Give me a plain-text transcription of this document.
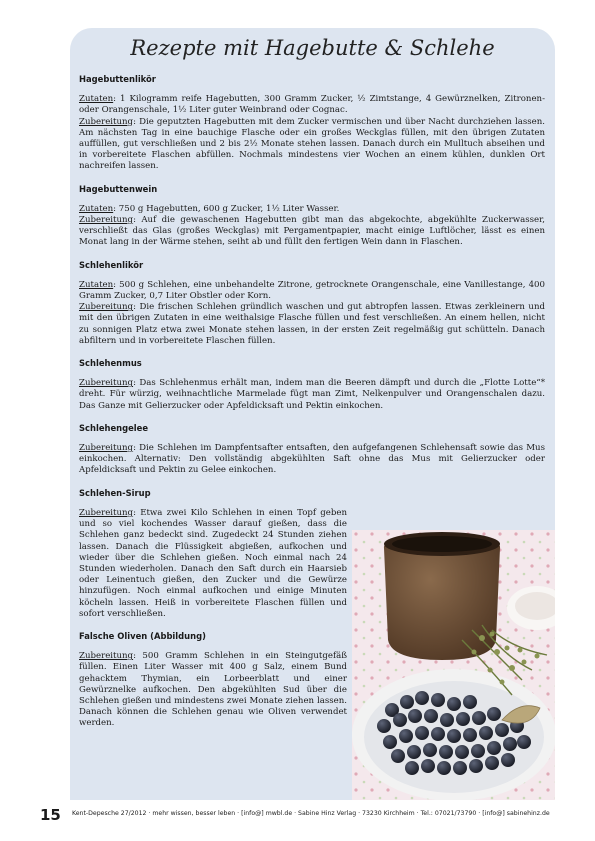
Rezepte mit Hagebutte & Schlehe
Hagebuttenlikör

Zutaten: 1 Kilogramm reife Hagebutten, 300 Gramm Zucker, ½ Zimtstange, 4 Gewürznelken, Zitronen- oder Orangenschale, 1½ Liter guter Weinbrand oder Cognac.

Zubereitung: Die geputzten Hagebutten mit dem Zucker vermischen und über Nacht durchziehen lassen. Am nächsten Tag in eine bauchige Flasche oder ein großes Weckglas füllen, mit den übrigen Zutaten auffüllen, gut verschließen und 2 bis 2½ Monate stehen lassen. Danach durch ein Mulltuch abseihen und in vorbereitete Flaschen abfüllen. Nochmals mindestens vier Wochen an einem kühlen, dunklen Ort nachreifen lassen.

Hagebuttenwein

Zutaten: 750 g Hagebutten, 600 g Zucker, 1½ Liter Wasser.

Zubereitung: Auf die gewaschenen Hagebutten gibt man das abgekochte, abgekühlte Zuckerwasser, verschließt das Glas (großes Weckglas) mit Pergamentpapier, macht einige Luftlöcher, lässt es einen Monat lang in der Wärme stehen, seiht ab und füllt den fertigen Wein dann in Flaschen.

Schlehenlikör

Zutaten: 500 g Schlehen, eine unbehandelte Zitrone, getrocknete Orangenschale, eine Vanillestange, 400 Gramm Zucker, 0,7 Liter Obstler oder Korn.

Zubereitung: Die frischen Schlehen gründlich waschen und gut abtropfen lassen. Etwas zerkleinern und mit den übrigen Zutaten in eine weithalsige Flasche füllen und fest verschließen. An einem hellen, nicht zu sonnigen Platz etwa zwei Monate stehen lassen, in der ersten Zeit regelmäßig gut schütteln. Danach abfiltern und in vorbereitete Flaschen füllen.

Schlehenmus

Zubereitung: Das Schlehenmus erhält man, indem man die Beeren dämpft und durch die „Flotte Lotte“* dreht. Für würzig, weihnachtliche Marmelade fügt man Zimt, Nelkenpulver und Orangenschalen dazu. Das Ganze mit Gelierzucker oder Apfeldicksaft und Pektin einkochen.

Schlehengelee

Zubereitung: Die Schlehen im Dampfentsafter entsaften, den aufgefangenen Schlehensaft sowie das Mus einkochen. Alternativ: Den vollständig abgekühlten Saft ohne das Mus mit Gelierzucker oder Apfeldicksaft und Pektin zu Gelee einkochen.

Schlehen-Sirup

Zubereitung: Etwa zwei Kilo Schlehen in einen Topf geben und so viel kochendes Wasser darauf gießen, dass die Schlehen ganz bedeckt sind. Zugedeckt 24 Stunden ziehen lassen. Danach die Flüssigkeit abgießen, aufkochen und wieder über die Schlehen gießen. Noch einmal nach 24 Stunden wiederholen. Danach den Saft durch ein Haarsieb oder Leinentuch gießen, den Zucker und die Gewürze hinzufügen. Noch einmal aufkochen und einige Minuten köcheln lassen. Heiß in vorbereitete Flaschen füllen und sofort verschließen.

Falsche Oliven (Abbildung)

Zubereitung: 500 Gramm Schlehen in ein Steingutgefäß füllen. Einen Liter Wasser mit 400 g Salz, einem Bund gehacktem Thymian, ein Lorbeerblatt und einer Gewürznelke aufkochen. Den abgekühlten Sud über die Schlehen gießen und mindestens zwei Monate ziehen lassen. Danach können die Schlehen genau wie Oliven verwendet werden.

15 Kent-Depesche 27/2012 · mehr wissen, besser leben · [info@] mwbl.de · Sabine Hinz Verlag · 73230 Kirchheim · Tel.: 07021/73790 · [info@] sabinehinz.de
